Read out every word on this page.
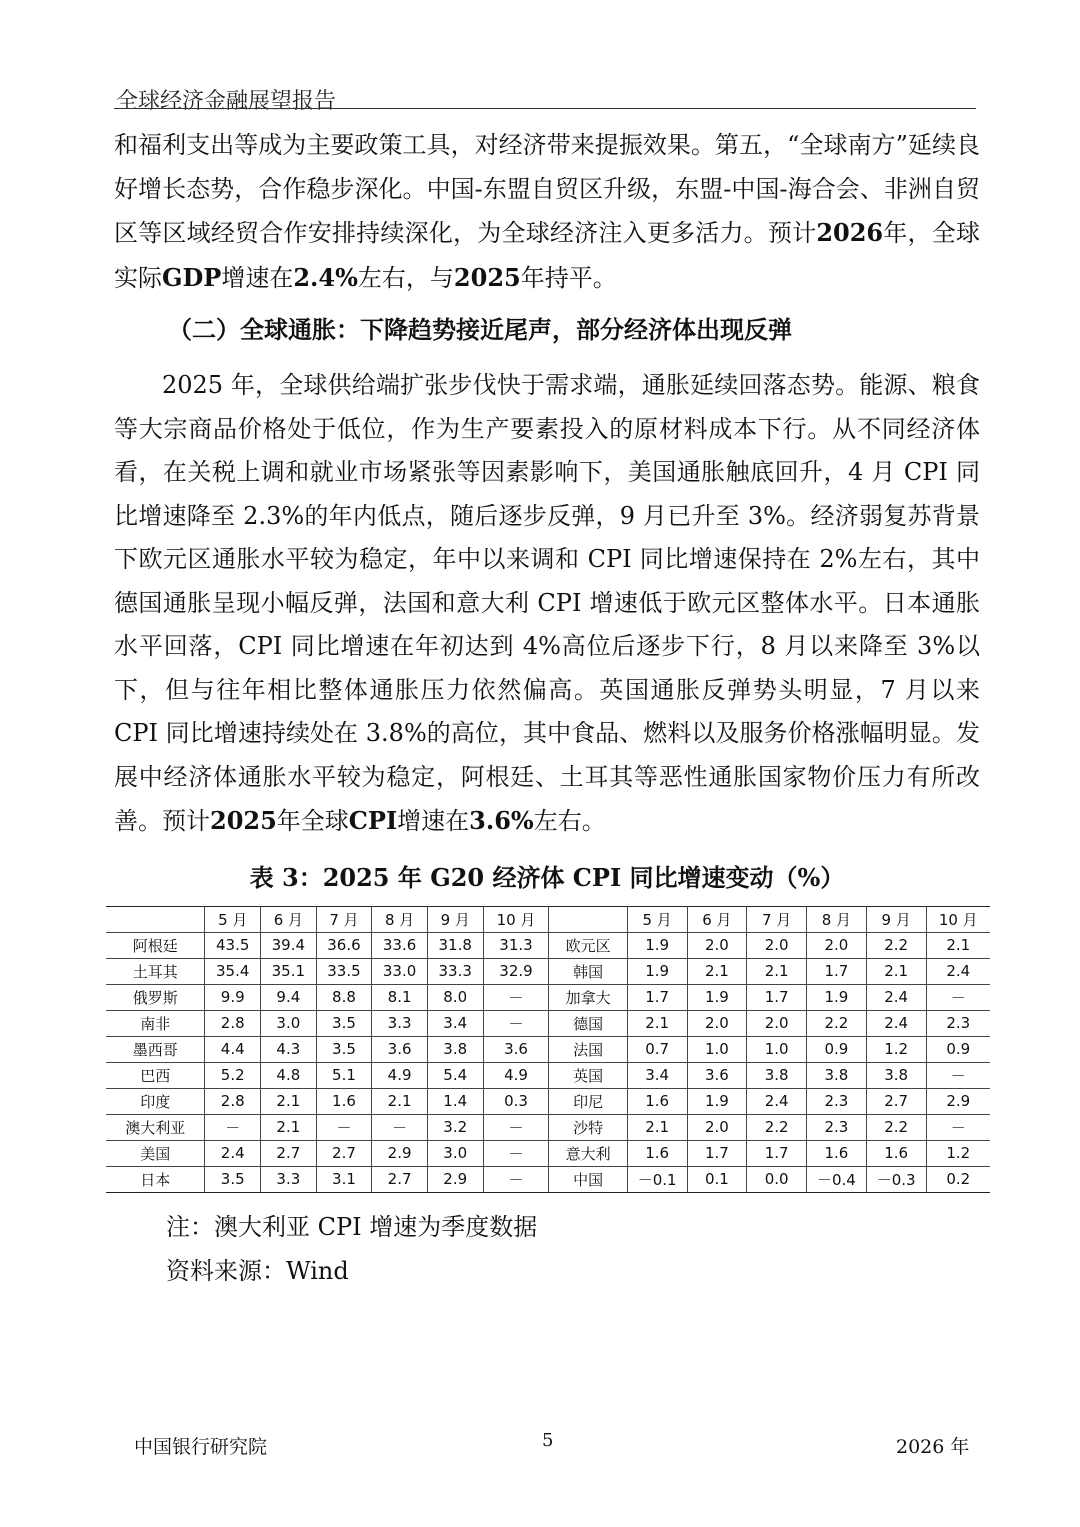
全球经济金融展望报告

和福利支出等成为主要政策工具，对经济带来提振效果。第五，“全球南方”延续良好增长态势，合作稳步深化。中国-东盟自贸区升级，东盟-中国-海合会、非洲自贸区等区域经贸合作安排持续深化，为全球经济注入更多活力。预计2026年，全球实际GDP增速在2.4%左右，与2025年持平。

（二）全球通胀：下降趋势接近尾声，部分经济体出现反弹

2025 年，全球供给端扩张步伐快于需求端，通胀延续回落态势。能源、粮食等大宗商品价格处于低位，作为生产要素投入的原材料成本下行。从不同经济体看，在关税上调和就业市场紧张等因素影响下，美国通胀触底回升，4 月 CPI 同比增速降至 2.3%的年内低点，随后逐步反弹，9 月已升至 3%。经济弱复苏背景下欧元区通胀水平较为稳定，年中以来调和 CPI 同比增速保持在 2%左右，其中德国通胀呈现小幅反弹，法国和意大利 CPI 增速低于欧元区整体水平。日本通胀水平回落，CPI 同比增速在年初达到 4%高位后逐步下行，8 月以来降至 3%以下，但与往年相比整体通胀压力依然偏高。英国通胀反弹势头明显，7 月以来 CPI 同比增速持续处在 3.8%的高位，其中食品、燃料以及服务价格涨幅明显。发展中经济体通胀水平较为稳定，阿根廷、土耳其等恶性通胀国家物价压力有所改善。预计2025年全球CPI增速在3.6%左右。

表 3：2025 年 G20 经济体 CPI 同比增速变动（%）
	5 月	6 月	7 月	8 月	9 月	10 月		5 月	6 月	7 月	8 月	9 月	10 月
阿根廷	43.5	39.4	36.6	33.6	31.8	31.3	欧元区	1.9	2.0	2.0	2.0	2.2	2.1
土耳其	35.4	35.1	33.5	33.0	33.3	32.9	韩国	1.9	2.1	2.1	1.7	2.1	2.4
俄罗斯	9.9	9.4	8.8	8.1	8.0	－	加拿大	1.7	1.9	1.7	1.9	2.4	－
南非	2.8	3.0	3.5	3.3	3.4	－	德国	2.1	2.0	2.0	2.2	2.4	2.3
墨西哥	4.4	4.3	3.5	3.6	3.8	3.6	法国	0.7	1.0	1.0	0.9	1.2	0.9
巴西	5.2	4.8	5.1	4.9	5.4	4.9	英国	3.4	3.6	3.8	3.8	3.8	－
印度	2.8	2.1	1.6	2.1	1.4	0.3	印尼	1.6	1.9	2.4	2.3	2.7	2.9
澳大利亚	－	2.1	－	－	3.2	－	沙特	2.1	2.0	2.2	2.3	2.2	－
美国	2.4	2.7	2.7	2.9	3.0	－	意大利	1.6	1.7	1.7	1.6	1.6	1.2
日本	3.5	3.3	3.1	2.7	2.9	－	中国	－0.1	0.1	0.0	－0.4	－0.3	0.2
注：澳大利亚 CPI 增速为季度数据
资料来源：Wind
中国银行研究院	5	2026 年
